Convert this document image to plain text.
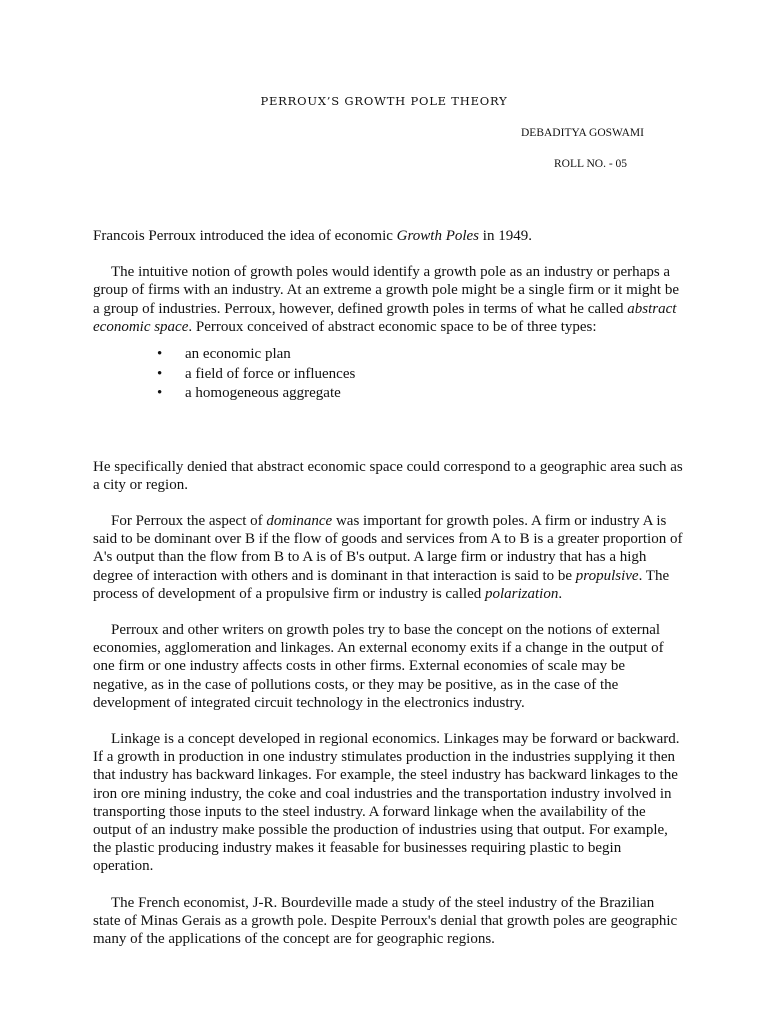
PERROUX’S GROWTH POLE THEORY

DEBADITYA GOSWAMI

ROLL NO. - 05

Francois Perroux introduced the idea of economic Growth Poles in 1949.

The intuitive notion of growth poles would identify a growth pole as an industry or perhaps a group of firms with an industry. At an extreme a growth pole might be a single firm or it might be a group of industries. Perroux, however, defined growth poles in terms of what he called abstract economic space. Perroux conceived of abstract economic space to be of three types:

• an economic plan
• a field of force or influences
• a homogeneous aggregate

He specifically denied that abstract economic space could correspond to a geographic area such as a city or region.

For Perroux the aspect of dominance was important for growth poles. A firm or industry A is said to be dominant over B if the flow of goods and services from A to B is a greater proportion of A's output than the flow from B to A is of B's output. A large firm or industry that has a high degree of interaction with others and is dominant in that interaction is said to be propulsive. The process of development of a propulsive firm or industry is called polarization.

Perroux and other writers on growth poles try to base the concept on the notions of external economies, agglomeration and linkages. An external economy exits if a change in the output of one firm or one industry affects costs in other firms. External economies of scale may be negative, as in the case of pollutions costs, or they may be positive, as in the case of the development of integrated circuit technology in the electronics industry.

Linkage is a concept developed in regional economics. Linkages may be forward or backward. If a growth in production in one industry stimulates production in the industries supplying it then that industry has backward linkages. For example, the steel industry has backward linkages to the iron ore mining industry, the coke and coal industries and the transportation industry involved in transporting those inputs to the steel industry. A forward linkage when the availability of the output of an industry make possible the production of industries using that output. For example, the plastic producing industry makes it feasable for businesses requiring plastic to begin operation.

The French economist, J-R. Bourdeville made a study of the steel industry of the Brazilian state of Minas Gerais as a growth pole. Despite Perroux's denial that growth poles are geographic many of the applications of the concept are for geographic regions.
